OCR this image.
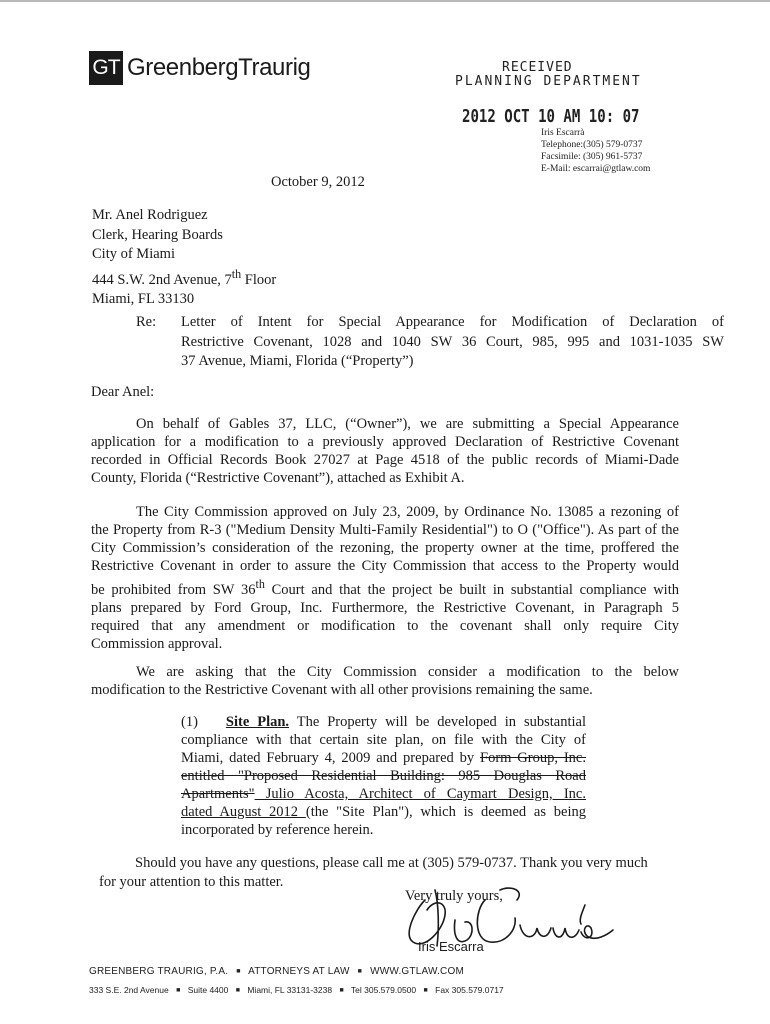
GT GreenbergTraurig	RECEIVED
PLANNING DEPARTMENT
2012 OCT 10 AM 10: 07
Iris Escarrà
Telephone:(305) 579-0737
Facsimile: (305) 961-5737
E-Mail: escarrai@gtlaw.com
October 9, 2012
Mr. Anel Rodriguez
Clerk, Hearing Boards
City of Miami
444 S.W. 2nd Avenue, 7th Floor
Miami, FL 33130
Re: Letter of Intent for Special Appearance for Modification of Declaration of
Restrictive Covenant, 1028 and 1040 SW 36 Court, 985, 995 and 1031-1035 SW
37 Avenue, Miami, Florida (“Property”)
Dear Anel:
On behalf of Gables 37, LLC, (“Owner”), we are submitting a Special Appearance
application for a modification to a previously approved Declaration of Restrictive Covenant
recorded in Official Records Book 27027 at Page 4518 of the public records of Miami-Dade
County, Florida (“Restrictive Covenant”), attached as Exhibit A.
The City Commission approved on July 23, 2009, by Ordinance No. 13085 a rezoning of
the Property from R-3 ("Medium Density Multi-Family Residential") to O ("Office"). As part of the
City Commission’s consideration of the rezoning, the property owner at the time, proffered the
Restrictive Covenant in order to assure the City Commission that access to the Property would
be prohibited from SW 36th Court and that the project be built in substantial compliance with
plans prepared by Ford Group, Inc. Furthermore, the Restrictive Covenant, in Paragraph 5
required that any amendment or modification to the covenant shall only require City
Commission approval.
We are asking that the City Commission consider a modification to the below
modification to the Restrictive Covenant with all other provisions remaining the same.
(1) Site Plan. The Property will be developed in substantial
compliance with that certain site plan, on file with the City of
Miami, dated February 4, 2009 and prepared by Form Group, Inc.
entitled "Proposed Residential Building: 985 Douglas Road
Apartments" Julio Acosta, Architect of Caymart Design, Inc.
dated August 2012 (the "Site Plan"), which is deemed as being
incorporated by reference herein.
Should you have any questions, please call me at (305) 579-0737. Thank you very much
for your attention to this matter.
Very truly yours,
Iris Escarra
GREENBERG TRAURIG, P.A. ■ ATTORNEYS AT LAW ■ WWW.GTLAW.COM
333 S.E. 2nd Avenue ■ Suite 4400 ■ Miami, FL 33131-3238 ■ Tel 305.579.0500 ■ Fax 305.579.0717
